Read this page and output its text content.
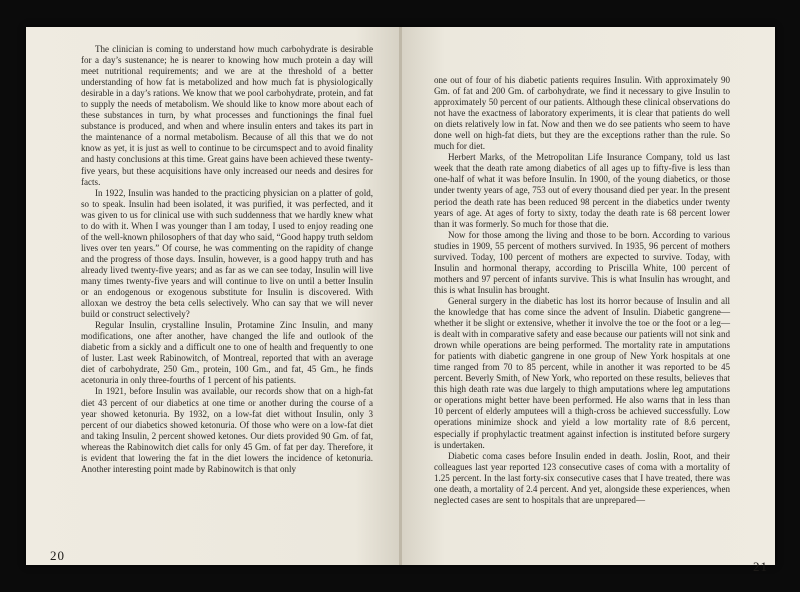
The clinician is coming to understand how much carbohydrate is desirable for a day’s sustenance; he is nearer to knowing how much protein a day will meet nutritional requirements; and we are at the threshold of a better understanding of how fat is metabolized and how much fat is physiologically desirable in a day’s rations. We know that we pool carbohydrate, protein, and fat to supply the needs of metabolism. We should like to know more about each of these substances in turn, by what processes and functionings the final fuel substance is produced, and when and where insulin enters and takes its part in the maintenance of a normal metabolism. Because of all this that we do not know as yet, it is just as well to continue to be circumspect and to avoid finality and hasty conclusions at this time. Great gains have been achieved these twenty-five years, but these acquisitions have only increased our needs and desires for facts.

In 1922, Insulin was handed to the practicing physician on a platter of gold, so to speak. Insulin had been isolated, it was purified, it was perfected, and it was given to us for clinical use with such suddenness that we hardly knew what to do with it. When I was younger than I am today, I used to enjoy reading one of the well-known philosophers of that day who said, “Good happy truth seldom lives over ten years.” Of course, he was commenting on the rapidity of change and the progress of those days. Insulin, however, is a good happy truth and has already lived twenty-five years; and as far as we can see today, Insulin will live many times twenty-five years and will continue to live on until a better Insulin or an endogenous or exogenous substitute for Insulin is discovered. With alloxan we destroy the beta cells selectively. Who can say that we will never build or construct selectively?

Regular Insulin, crystalline Insulin, Protamine Zinc Insulin, and many modifications, one after another, have changed the life and outlook of the diabetic from a sickly and a difficult one to one of health and frequently to one of luster. Last week Rabinowitch, of Montreal, reported that with an average diet of carbohydrate, 250 Gm., protein, 100 Gm., and fat, 45 Gm., he finds acetonuria in only three-fourths of 1 percent of his patients.

In 1921, before Insulin was available, our records show that on a high-fat diet 43 percent of our diabetics at one time or another during the course of a year showed ketonuria. By 1932, on a low-fat diet without Insulin, only 3 percent of our diabetics showed ketonuria. Of those who were on a low-fat diet and taking Insulin, 2 percent showed ketones. Our diets provided 90 Gm. of fat, whereas the Rabinowitch diet calls for only 45 Gm. of fat per day. Therefore, it is evident that lowering the fat in the diet lowers the incidence of ketonuria. Another interesting point made by Rabinowitch is that only

20

one out of four of his diabetic patients requires Insulin. With approximately 90 Gm. of fat and 200 Gm. of carbohydrate, we find it necessary to give Insulin to approximately 50 percent of our patients. Although these clinical observations do not have the exactness of laboratory experiments, it is clear that patients do well on diets relatively low in fat. Now and then we do see patients who seem to have done well on high-fat diets, but they are the exceptions rather than the rule. So much for diet.

Herbert Marks, of the Metropolitan Life Insurance Company, told us last week that the death rate among diabetics of all ages up to fifty-five is less than one-half of what it was before Insulin. In 1900, of the young diabetics, or those under twenty years of age, 753 out of every thousand died per year. In the present period the death rate has been reduced 98 percent in the diabetics under twenty years of age. At ages of forty to sixty, today the death rate is 68 percent lower than it was formerly. So much for those that die.

Now for those among the living and those to be born. According to various studies in 1909, 55 percent of mothers survived. In 1935, 96 percent of mothers survived. Today, 100 percent of mothers are expected to survive. Today, with Insulin and hormonal therapy, according to Priscilla White, 100 percent of mothers and 97 percent of infants survive. This is what Insulin has wrought, and this is what Insulin has brought.

General surgery in the diabetic has lost its horror because of Insulin and all the knowledge that has come since the advent of Insulin. Diabetic gangrene—whether it be slight or extensive, whether it involve the toe or the foot or a leg—is dealt with in comparative safety and ease because our patients will not sink and drown while operations are being performed. The mortality rate in amputations for patients with diabetic gangrene in one group of New York hospitals at one time ranged from 70 to 85 percent, while in another it was reported to be 45 percent. Beverly Smith, of New York, who reported on these results, believes that this high death rate was due largely to thigh amputations where leg amputations or operations might better have been performed. He also warns that in less than 10 percent of elderly amputees will a thigh-cross be achieved successfully. Low operations minimize shock and yield a low mortality rate of 8.6 percent, especially if prophylactic treatment against infection is instituted before surgery is undertaken.

Diabetic coma cases before Insulin ended in death. Joslin, Root, and their colleagues last year reported 123 consecutive cases of coma with a mortality of 1.25 percent. In the last forty-six consecutive cases that I have treated, there was one death, a mortality of 2.4 percent. And yet, alongside these experiences, when neglected cases are sent to hospitals that are unprepared—

21
